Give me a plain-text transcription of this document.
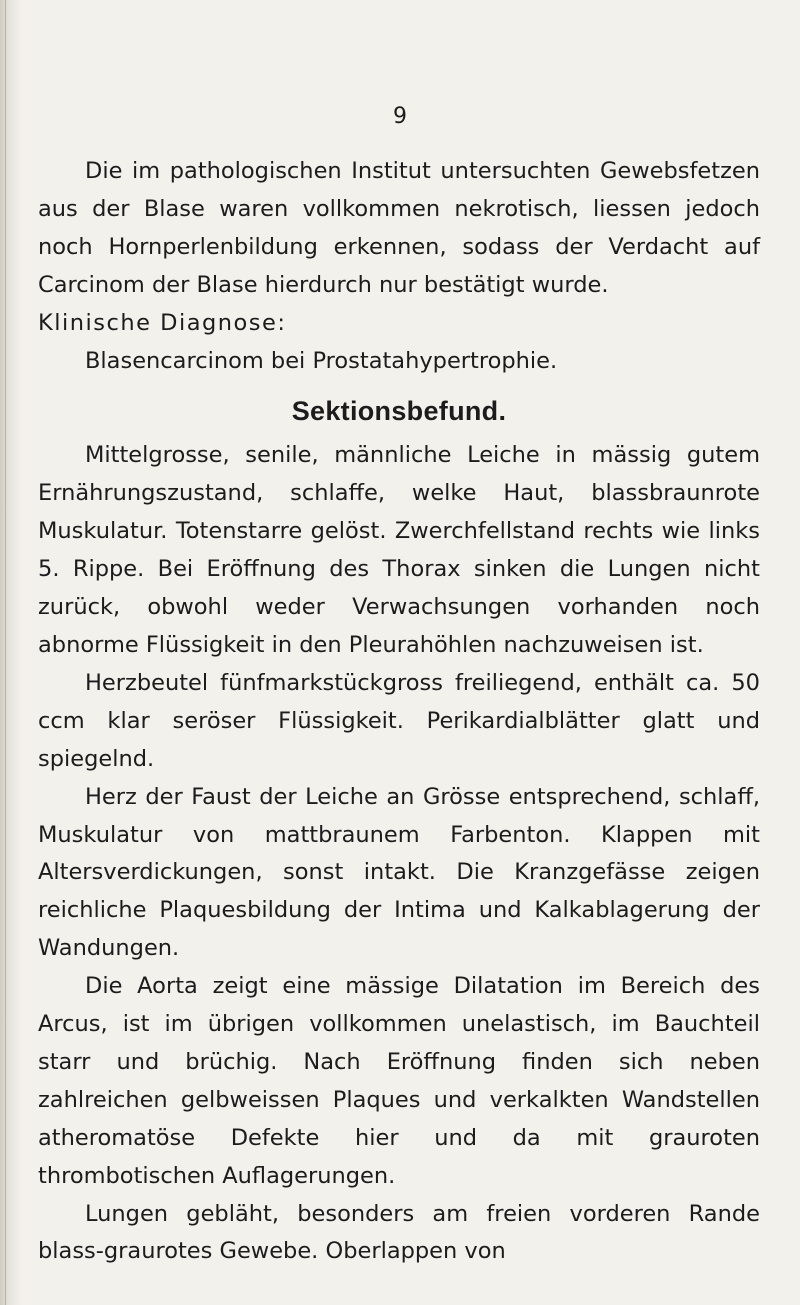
9

Die im pathologischen Institut untersuchten Gewebsfetzen aus der Blase waren vollkommen nekrotisch, liessen jedoch noch Hornperlenbildung erkennen, sodass der Verdacht auf Carcinom der Blase hierdurch nur bestätigt wurde.

Klinische Diagnose:

Blasencarcinom bei Prostatahypertrophie.

Sektionsbefund.

Mittelgrosse, senile, männliche Leiche in mässig gutem Ernährungszustand, schlaffe, welke Haut, blassbraunrote Muskulatur. Totenstarre gelöst. Zwerchfellstand rechts wie links 5. Rippe. Bei Eröffnung des Thorax sinken die Lungen nicht zurück, obwohl weder Verwachsungen vorhanden noch abnorme Flüssigkeit in den Pleurahöhlen nachzuweisen ist.

Herzbeutel fünfmarkstückgross freiliegend, enthält ca. 50 ccm klar seröser Flüssigkeit. Perikardialblätter glatt und spiegelnd.

Herz der Faust der Leiche an Grösse entsprechend, schlaff, Muskulatur von mattbraunem Farbenton. Klappen mit Altersverdickungen, sonst intakt. Die Kranzgefässe zeigen reichliche Plaquesbildung der Intima und Kalkablagerung der Wandungen.

Die Aorta zeigt eine mässige Dilatation im Bereich des Arcus, ist im übrigen vollkommen unelastisch, im Bauchteil starr und brüchig. Nach Eröffnung finden sich neben zahlreichen gelbweissen Plaques und verkalkten Wandstellen atheromatöse Defekte hier und da mit grauroten thrombotischen Auflagerungen.

Lungen gebläht, besonders am freien vorderen Rande blass-graurotes Gewebe. Oberlappen von
